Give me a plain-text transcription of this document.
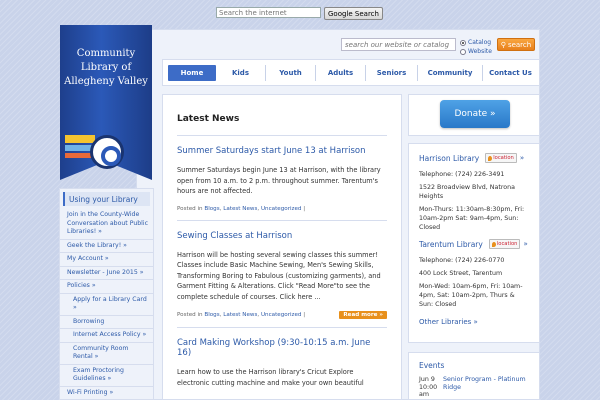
Search the internet
Google Search
Community Library of Allegheny Valley
search our website or catalog
Catalog
Website
⚲ search
Home	Kids	Youth	Adults	Seniors	Community	Contact Us
Latest News
Summer Saturdays start June 13 at Harrison

Summer Saturdays begin June 13 at Harrison, with the library open from 10 a.m. to 2 p.m. throughout summer. Tarentum's hours are not affected.

Posted in Blogs, Latest News, Uncategorized |
Sewing Classes at Harrison

Harrison will be hosting several sewing classes this summer! Classes include Basic Machine Sewing, Men's Sewing Skills, Transforming Boring to Fabulous (customizing garments), and Garment Fitting & Alterations. Click "Read More"to see the complete schedule of courses. Click here ...

Posted in Blogs, Latest News, Uncategorized |	Read more »
Card Making Workshop (9:30-10:15 a.m. June 16)

Learn how to use the Harrison library's Cricut Explore electronic cutting machine and make your own beautiful

Using your Library
Join in the County-Wide Conversation about Public Libraries! »
Geek the Library! »
My Account »
Newsletter - June 2015 »
Policies »
Apply for a Library Card »
Borrowing
Internet Access Policy »
Community Room Rental »
Exam Proctoring Guidelines »
Wi-Fi Printing »
Donate »
Harrison Library	location »

Telephone: (724) 226-3491

1522 Broadview Blvd, Natrona Heights

Mon-Thurs: 11:30am-8:30pm, Fri: 10am-2pm Sat: 9am-4pm, Sun: Closed

Tarentum Library	location »

Telephone: (724) 226-0770

400 Lock Street, Tarentum

Mon-Wed: 10am-6pm, Fri: 10am-4pm, Sat: 10am-2pm, Thurs & Sun: Closed

Other Libraries »
Events
Jun 9 10:00 am
Senior Program - Platinum Ridge
